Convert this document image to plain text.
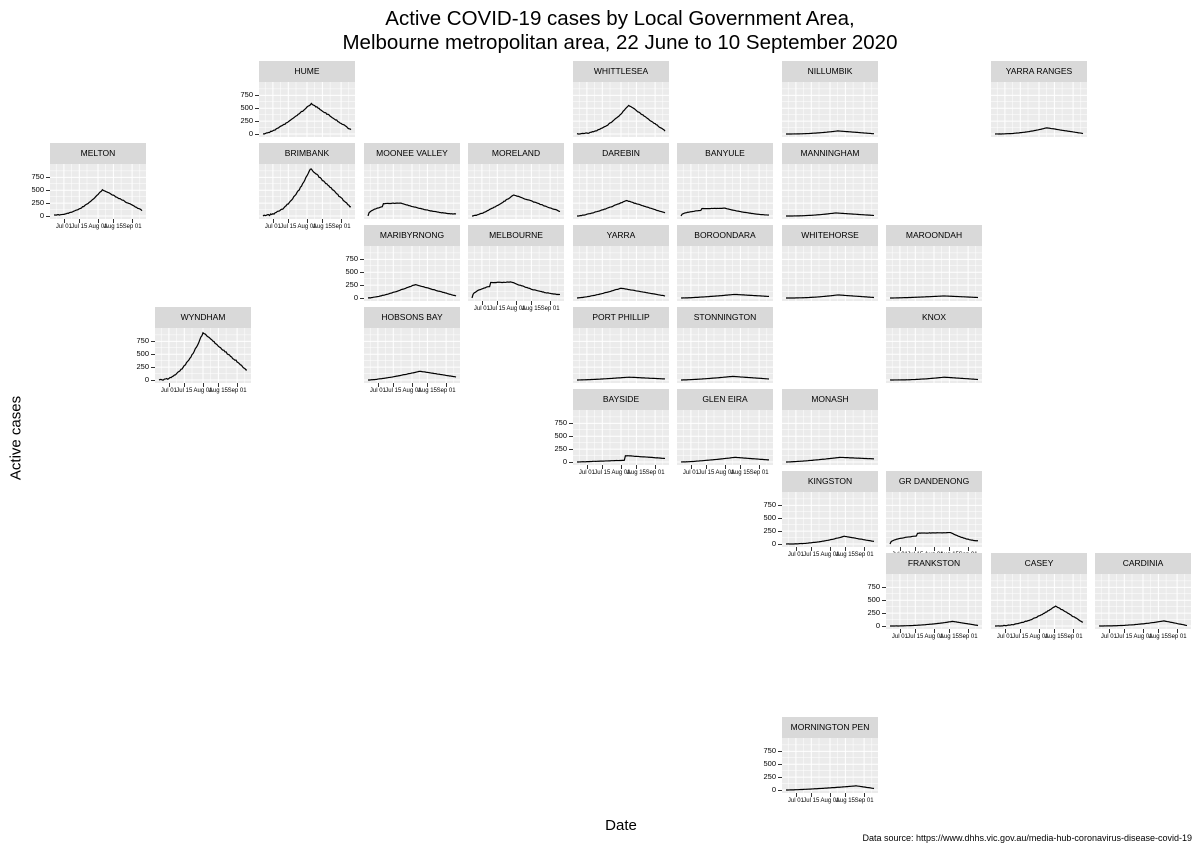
Active COVID-19 cases by Local Government Area,
Melbourne metropolitan area, 22 June to 10 September 2020
Active cases
Date
Data source: https://www.dhhs.vic.gov.au/media-hub-coronavirus-disease-covid-19
HUME
750
500
250
0
WHITTLESEA	NILLUMBIK	YARRA RANGES
MELTON
750
500
250
0
Jul 01 Jul 15 Aug 01
Aug 15 Sep 01
BRIMBANK
Jul 01 Jul 15 Aug 01
Aug 15 Sep 01
MOONEE VALLEY	MORELAND	DAREBIN	BANYULE	MANNINGHAM
MARIBYRNONG
750
500
250
0
MELBOURNE
Jul 01 Jul 15 Aug 01
Aug 15 Sep 01
YARRA	BOROONDARA	WHITEHORSE	MAROONDAH
WYNDHAM
750
500
250
0
Jul 01 Jul 15 Aug 01
Aug 15 Sep 01
HOBSONS BAY
Jul 01 Jul 15 Aug 01
Aug 15 Sep 01
PORT PHILLIP	STONNINGTON	KNOX
BAYSIDE
750
500
250
0
Jul 01 Jul 15 Aug 01
Aug 15 Sep 01
GLEN EIRA
Jul 01 Jul 15 Aug 01
Aug 15 Sep 01
MONASH
KINGSTON
750
500
250
0
Jul 01 Jul 15 Aug 01
Aug 15 Sep 01
GR DANDENONG
FRANKSTON
750
500
250
0
Jul 01 Jul 15 Aug 01
Aug 15 Sep 01
CASEY
Jul 01 Jul 15 Aug 01
Aug 15 Sep 01
CARDINIA
Jul 01 Jul 15 Aug 01
Aug 15 Sep 01
MORNINGTON PEN
750
500
250
0
Jul 01 Jul 15 Aug 01
Aug 15 Sep 01
